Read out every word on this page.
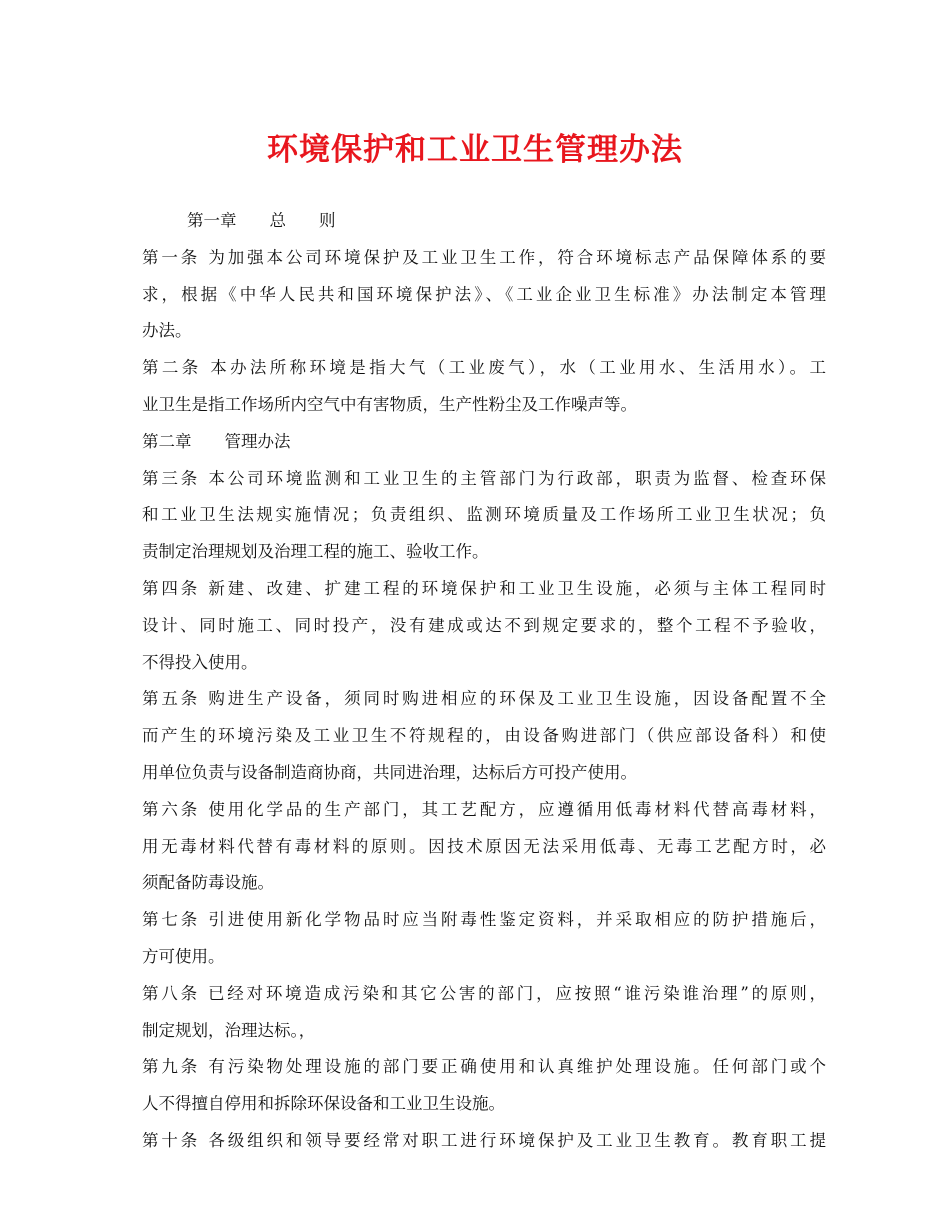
环境保护和工业卫生管理办法
第一章　　总　　则
第一条 为加强本公司环境保护及工业卫生工作，符合环境标志产品保障体系的要
求，根据《中华人民共和国环境保护法》、《工业企业卫生标准》办法制定本管理
办法。
第二条 本办法所称环境是指大气（工业废气），水（工业用水、生活用水）。工
业卫生是指工作场所内空气中有害物质，生产性粉尘及工作噪声等。
第二章　　管理办法
第三条 本公司环境监测和工业卫生的主管部门为行政部，职责为监督、检查环保
和工业卫生法规实施情况；负责组织、监测环境质量及工作场所工业卫生状况；负
责制定治理规划及治理工程的施工、验收工作。
第四条 新建、改建、扩建工程的环境保护和工业卫生设施，必须与主体工程同时
设计、同时施工、同时投产，没有建成或达不到规定要求的，整个工程不予验收，
不得投入使用。
第五条 购进生产设备，须同时购进相应的环保及工业卫生设施，因设备配置不全
而产生的环境污染及工业卫生不符规程的，由设备购进部门（供应部设备科）和使
用单位负责与设备制造商协商，共同进治理，达标后方可投产使用。
第六条 使用化学品的生产部门，其工艺配方，应遵循用低毒材料代替高毒材料，
用无毒材料代替有毒材料的原则。因技术原因无法采用低毒、无毒工艺配方时，必
须配备防毒设施。
第七条 引进使用新化学物品时应当附毒性鉴定资料，并采取相应的防护措施后，
方可使用。
第八条 已经对环境造成污染和其它公害的部门，应按照“谁污染谁治理”的原则，
制定规划，治理达标。，
第九条 有污染物处理设施的部门要正确使用和认真维护处理设施。任何部门或个
人不得擅自停用和拆除环保设备和工业卫生设施。
第十条 各级组织和领导要经常对职工进行环境保护及工业卫生教育。教育职工提
